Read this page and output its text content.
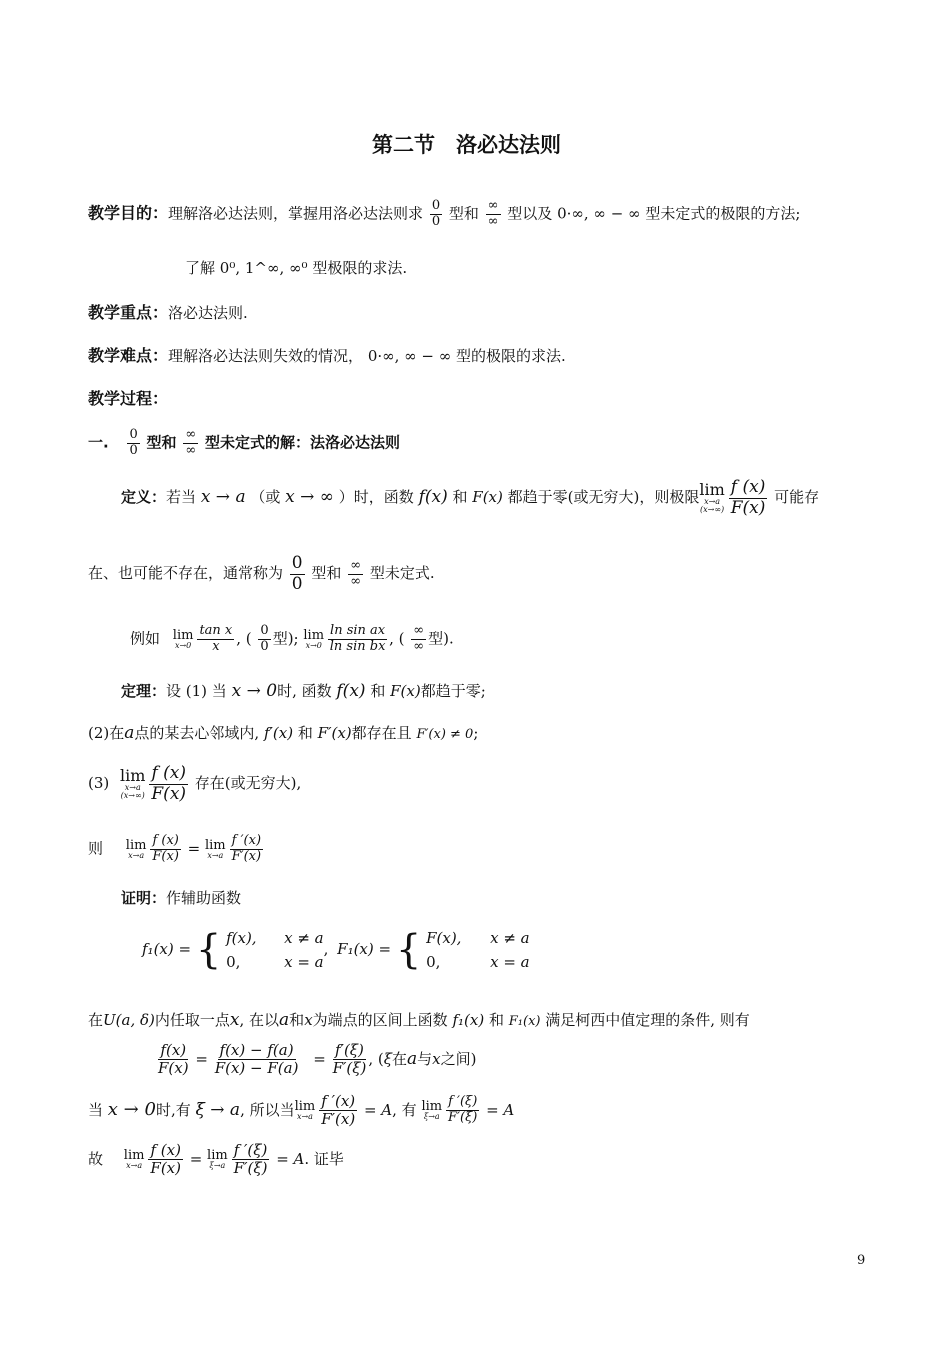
第二节　洛必达法则
教学目的：理解洛必达法则，掌握用洛必达法则求 $\frac{0}{0}$ 型和 $\frac{\infty}{\infty}$ 型以及 0·∞, ∞ − ∞ 型未定式的极限的方法;
了解 0⁰, 1^∞, ∞⁰ 型极限的求法.
教学重点：洛必达法则.
教学难点：理解洛必达法则失效的情况， 0·∞, ∞ − ∞ 型的极限的求法.
教学过程：
一. $\frac{0}{0}$ 型和 $\frac{\infty}{\infty}$ 型未定式的解：法洛必达法则
定义：若当 x → a （或 x → ∞ ）时，函数 f(x) 和 F(x) 都趋于零(或无穷大)，则极限lim
x→a
$(x\to\infty) \frac{f (x)}{F(x)}$ 可能存
在、也可能不存在，通常称为 $\frac{0}{0}$ 型和 $\frac{\infty}{\infty}$ 型未定式.
例如 lim
$x\to 0 \frac{\text{tan x}}{x}$ , ( $\frac{0}{0}$ 型); lim
$x\to 0 \frac{\text{ln sin ax}}{\text{ln sin bx}}$ , ( $\frac{\infty}{\infty}$ 型).
定理：设 (1) 当 x → 0时, 函数 f(x) 和 F(x)都趋于零;
(2)在a点的某去心邻域内, f′(x) 和 F′(x)都存在且 F′(x) ≠ 0;
(3) lim
x→a
$(x\to\infty) \frac{f (x)}{F(x)}$ 存在(或无穷大),
则 lim
$x\to a \frac{f (x)}{F(x)} = \lim$
$x\to a \frac{f '(x)}{F'(x)}$
证明：作辅助函数
f₁(x) = { f(x), x ≠ a
0,	x = a
, F₁(x) = { F(x), x ≠ a
0,	x = a
在U(a, δ)内任取一点x, 在以a和x为端点的区间上函数 f₁(x) 和 F₁(x) 满足柯西中值定理的条件, 则有
$\frac{f(x)}{F(x)} = \frac{f(x) - f(a)}{F(x) - F(a)} = \frac{f'(\xi)}{F'(\xi)}$ , (ξ在a与x之间)
当 x → 0时,有 ξ → a, 所以当lim
$x\to a \frac{f '(x)}{F'(x)} = A$, 有 lim
$\xi\to a \frac{f '(\xi)}{F'(\xi)} = A$
故 lim
$x\to a \frac{f (x)}{F(x)} = \lim$
$\xi\to a \frac{f '(\xi)}{F'(\xi)} = A$. 证毕
9
